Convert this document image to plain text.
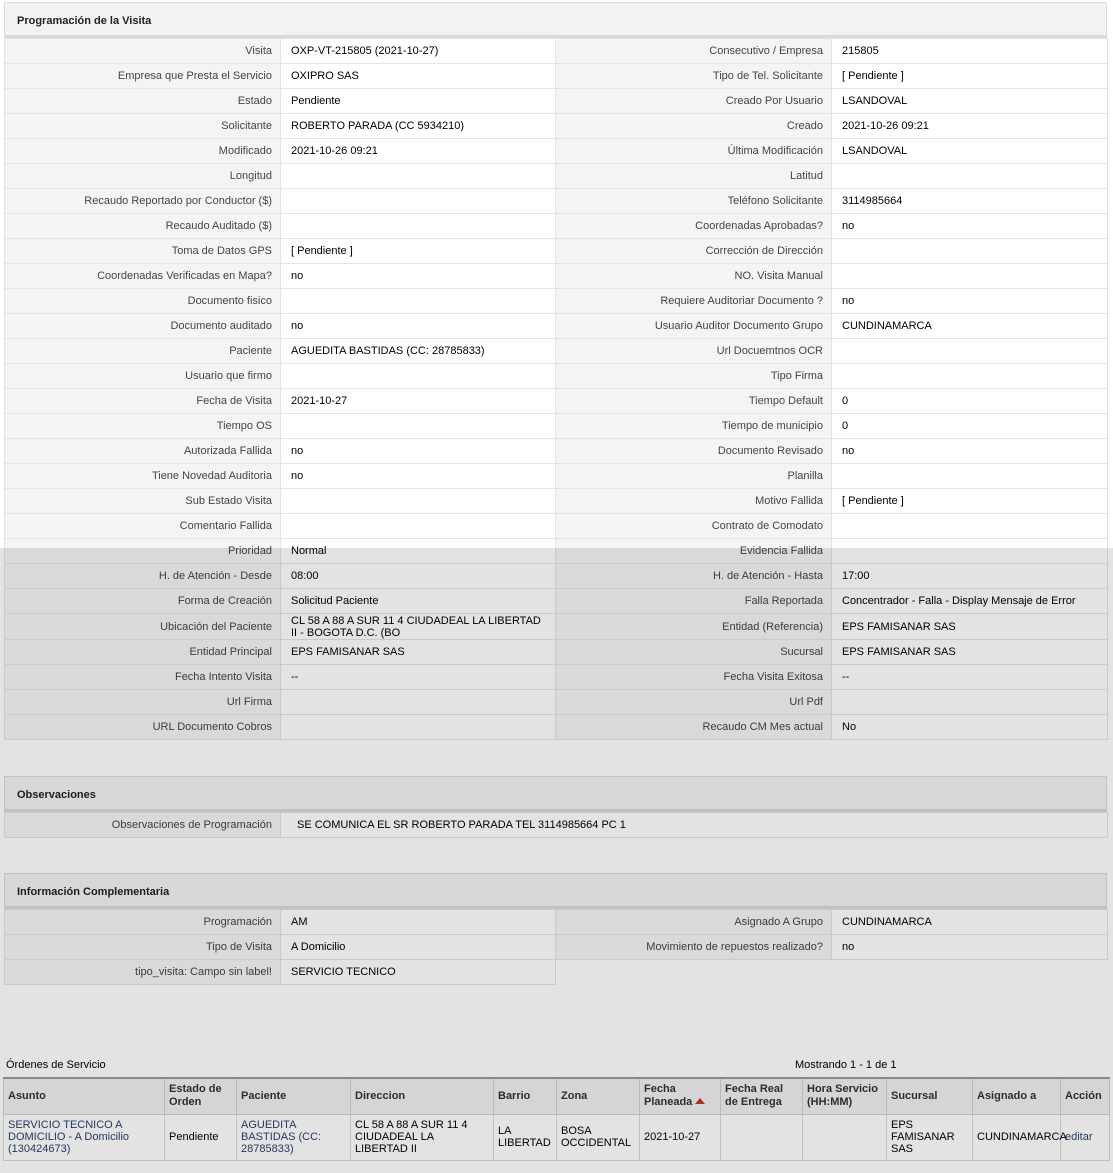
Programación de la Visita
Visita	OXP-VT-215805 (2021-10-27)	Consecutivo / Empresa	215805
Empresa que Presta el Servicio	OXIPRO SAS	Tipo de Tel. Solicitante	[ Pendiente ]
Estado	Pendiente	Creado Por Usuario	LSANDOVAL
Solicitante	ROBERTO PARADA (CC 5934210)	Creado	2021-10-26 09:21
Modificado	2021-10-26 09:21	Última Modificación	LSANDOVAL
Longitud		Latitud	
Recaudo Reportado por Conductor ($)		Teléfono Solicitante	3114985664
Recaudo Auditado ($)		Coordenadas Aprobadas?	no
Toma de Datos GPS	[ Pendiente ]	Corrección de Dirección	
Coordenadas Verificadas en Mapa?	no	NO. Visita Manual	
Documento fisico		Requiere Auditoriar Documento ?	no
Documento auditado	no	Usuario Auditor Documento Grupo	CUNDINAMARCA
Paciente	AGUEDITA BASTIDAS (CC: 28785833)	Url Docuemtnos OCR	
Usuario que firmo		Tipo Firma	
Fecha de Visita	2021-10-27	Tiempo Default	0
Tiempo OS		Tiempo de municipio	0
Autorizada Fallida	no	Documento Revisado	no
Tiene Novedad Auditoria	no	Planilla	
Sub Estado Visita		Motivo Fallida	[ Pendiente ]
Comentario Fallida		Contrato de Comodato	
Prioridad	Normal	Evidencia Fallida	
H. de Atención - Desde	08:00	H. de Atención - Hasta	17:00
Forma de Creación	Solicitud Paciente	Falla Reportada	Concentrador - Falla - Display Mensaje de Error
Ubicación del Paciente	CL 58 A 88 A SUR 11 4 CIUDADEAL LA LIBERTAD II - BOGOTA D.C. (BO	Entidad (Referencia)	EPS FAMISANAR SAS
Entidad Principal	EPS FAMISANAR SAS	Sucursal	EPS FAMISANAR SAS
Fecha Intento Visita	--	Fecha Visita Exitosa	--
Url Firma		Url Pdf	
URL Documento Cobros		Recaudo CM Mes actual	No
Observaciones
Observaciones de Programación	SE COMUNICA EL SR ROBERTO PARADA TEL 3114985664 PC 1
Información Complementaria
Programación	AM	Asignado A Grupo	CUNDINAMARCA
Tipo de Visita	A Domicilio	Movimiento de repuestos realizado?	no
tipo_visita: Campo sin label!	SERVICIO TECNICO		
Órdenes de Servicio	Mostrando 1 - 1 de 1
Asunto	Estado de Orden	Paciente	Direccion	Barrio	Zona	Fecha Planeada	Fecha Real de Entrega	Hora Servicio (HH:MM)	Sucursal	Asignado a	Acción
SERVICIO TECNICO A DOMICILIO - A Domicilio (130424673)	Pendiente	AGUEDITA BASTIDAS (CC: 28785833)	CL 58 A 88 A SUR 11 4 CIUDADEAL LA LIBERTAD II	LA LIBERTAD	BOSA OCCIDENTAL	2021-10-27			EPS FAMISANAR SAS	CUNDINAMARCA	editar
